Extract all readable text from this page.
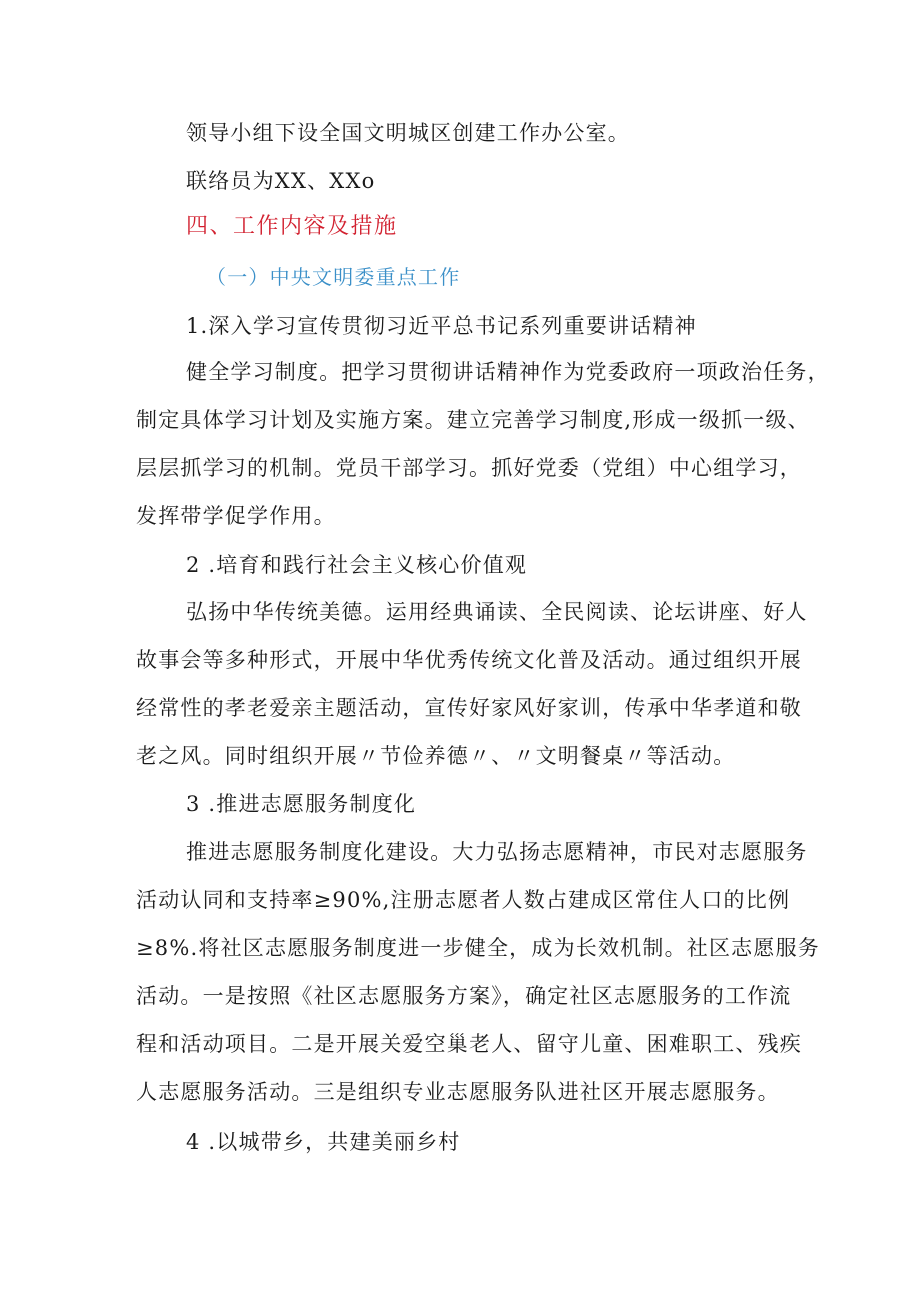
领导小组下设全国文明城区创建工作办公室。
联络员为XX、XXo
四、工作内容及措施
（一）中央文明委重点工作
1.深入学习宣传贯彻习近平总书记系列重要讲话精神
健全学习制度。把学习贯彻讲话精神作为党委政府一项政治任务，
制定具体学习计划及实施方案。建立完善学习制度,形成一级抓一级、
层层抓学习的机制。党员干部学习。抓好党委（党组）中心组学习，
发挥带学促学作用。
2 .培育和践行社会主义核心价值观
弘扬中华传统美德。运用经典诵读、全民阅读、论坛讲座、好人
故事会等多种形式，开展中华优秀传统文化普及活动。通过组织开展
经常性的孝老爱亲主题活动，宣传好家风好家训，传承中华孝道和敬
老之风。同时组织开展〃节俭养德〃、〃文明餐桌〃等活动。
3 .推进志愿服务制度化
推进志愿服务制度化建设。大力弘扬志愿精神，市民对志愿服务
活动认同和支持率≥90%,注册志愿者人数占建成区常住人口的比例
≥8%.将社区志愿服务制度进一步健全，成为长效机制。社区志愿服务
活动。一是按照《社区志愿服务方案》，确定社区志愿服务的工作流
程和活动项目。二是开展关爱空巢老人、留守儿童、困难职工、残疾
人志愿服务活动。三是组织专业志愿服务队进社区开展志愿服务。
4 .以城带乡，共建美丽乡村
